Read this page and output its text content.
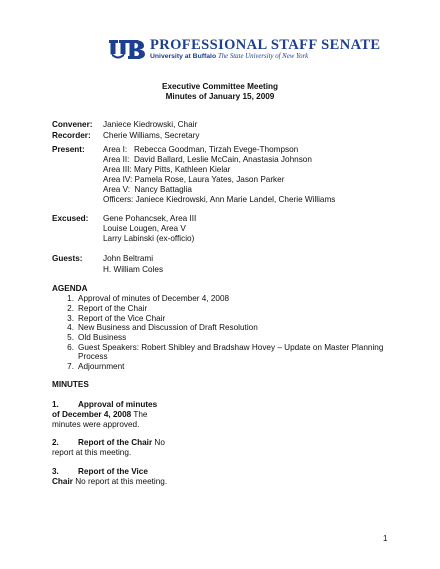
PROFESSIONAL STAFF SENATE
University at Buffalo The State University of New York
Executive Committee Meeting
Minutes of January 15, 2009
Convener: Janiece Kiedrowski, Chair
Recorder: Cherie Williams, Secretary
Present: Area I:   Rebecca Goodman, Tirzah Evege-Thompson
Area II:  David Ballard, Leslie McCain, Anastasia Johnson
Area III: Mary Pitts, Kathleen Kielar
Area IV: Pamela Rose, Laura Yates, Jason Parker
Area V:  Nancy Battaglia
Officers: Janiece Kiedrowski, Ann Marie Landel, Cherie Williams
Excused: Gene Pohancsek, Area III
Louise Lougen, Area V
Larry Labinski (ex-officio)
Guests:	John Beltrami
H. William Coles
AGENDA
1. Approval of minutes of December 4, 2008
2. Report of the Chair
3. Report of the Vice Chair
4. New Business and Discussion of Draft Resolution
5. Old Business
6. Guest Speakers: Robert Shibley and Bradshaw Hovey – Update on Master Planning
Process
7. Adjournment
MINUTES
1. Approval of minutes
of December 4, 2008 The
minutes were approved.
2. Report of the Chair No
report at this meeting.
3. Report of the Vice
Chair No report at this meeting.
1
